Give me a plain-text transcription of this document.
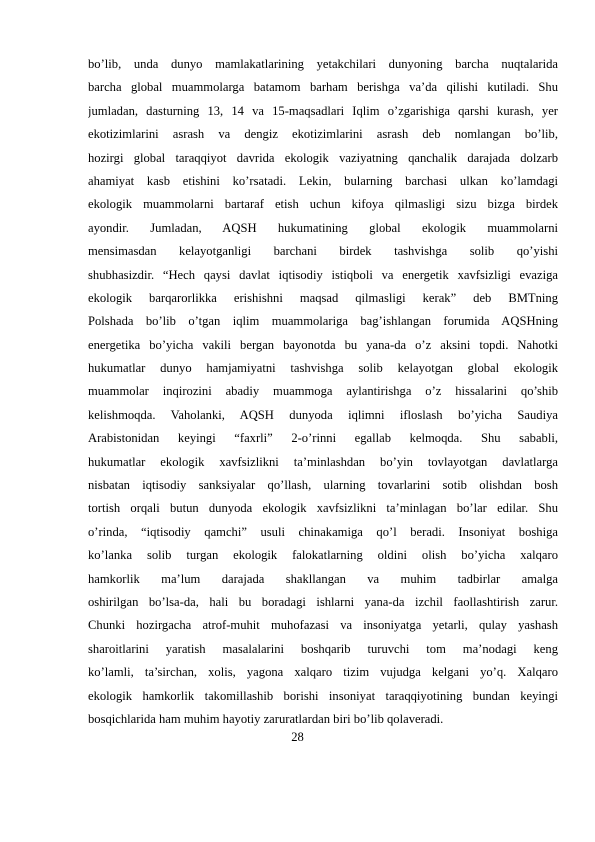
bo’lib, unda dunyo mamlakatlarining yetakchilari dunyoning barcha nuqtalarida
barcha global muammolarga batamom barham berishga va’da qilishi kutiladi. Shu
jumladan, dasturning 13, 14 va 15-maqsadlari Iqlim o’zgarishiga qarshi kurash, yer
ekotizimlarini asrash va dengiz ekotizimlarini asrash deb nomlangan bo’lib,
hozirgi global taraqqiyot davrida ekologik vaziyatning qanchalik darajada dolzarb
ahamiyat kasb etishini ko’rsatadi. Lekin, bularning barchasi ulkan ko’lamdagi
ekologik muammolarni bartaraf etish uchun kifoya qilmasligi sizu bizga birdek
ayondir. Jumladan, AQSH hukumatining global ekologik muammolarni
mensimasdan kelayotganligi barchani birdek tashvishga solib qo’yishi
shubhasizdir. “Hech qaysi davlat iqtisodiy istiqboli va energetik xavfsizligi evaziga
ekologik barqarorlikka erishishni maqsad qilmasligi kerak” deb BMTning
Polshada bo’lib o’tgan iqlim muammolariga bag’ishlangan forumida AQSHning
energetika bo’yicha vakili bergan bayonotda bu yana-da o’z aksini topdi. Nahotki
hukumatlar dunyo hamjamiyatni tashvishga solib kelayotgan global ekologik
muammolar inqirozini abadiy muammoga aylantirishga o’z hissalarini qo’shib
kelishmoqda. Vaholanki, AQSH dunyoda iqlimni ifloslash bo’yicha Saudiya
Arabistonidan keyingi “faxrli” 2-o’rinni egallab kelmoqda. Shu sababli,
hukumatlar ekologik xavfsizlikni ta’minlashdan bo’yin tovlayotgan davlatlarga
nisbatan iqtisodiy sanksiyalar qo’llash, ularning tovarlarini sotib olishdan bosh
tortish orqali butun dunyoda ekologik xavfsizlikni ta’minlagan bo’lar edilar. Shu
o’rinda, “iqtisodiy qamchi” usuli chinakamiga qo’l beradi. Insoniyat boshiga
ko’lanka solib turgan ekologik falokatlarning oldini olish bo’yicha xalqaro
hamkorlik ma’lum darajada shakllangan va muhim tadbirlar amalga
oshirilgan bo’lsa-da, hali bu boradagi ishlarni yana-da izchil faollashtirish zarur.
Chunki hozirgacha atrof-muhit muhofazasi va insoniyatga yetarli, qulay yashash
sharoitlarini yaratish masalalarini boshqarib turuvchi tom ma’nodagi keng
ko’lamli, ta’sirchan, xolis, yagona xalqaro tizim vujudga kelgani yo’q. Xalqaro
ekologik hamkorlik takomillashib borishi insoniyat taraqqiyotining bundan keyingi
bosqichlarida ham muhim hayotiy zaruratlardan biri bo’lib qolaveradi.
28
